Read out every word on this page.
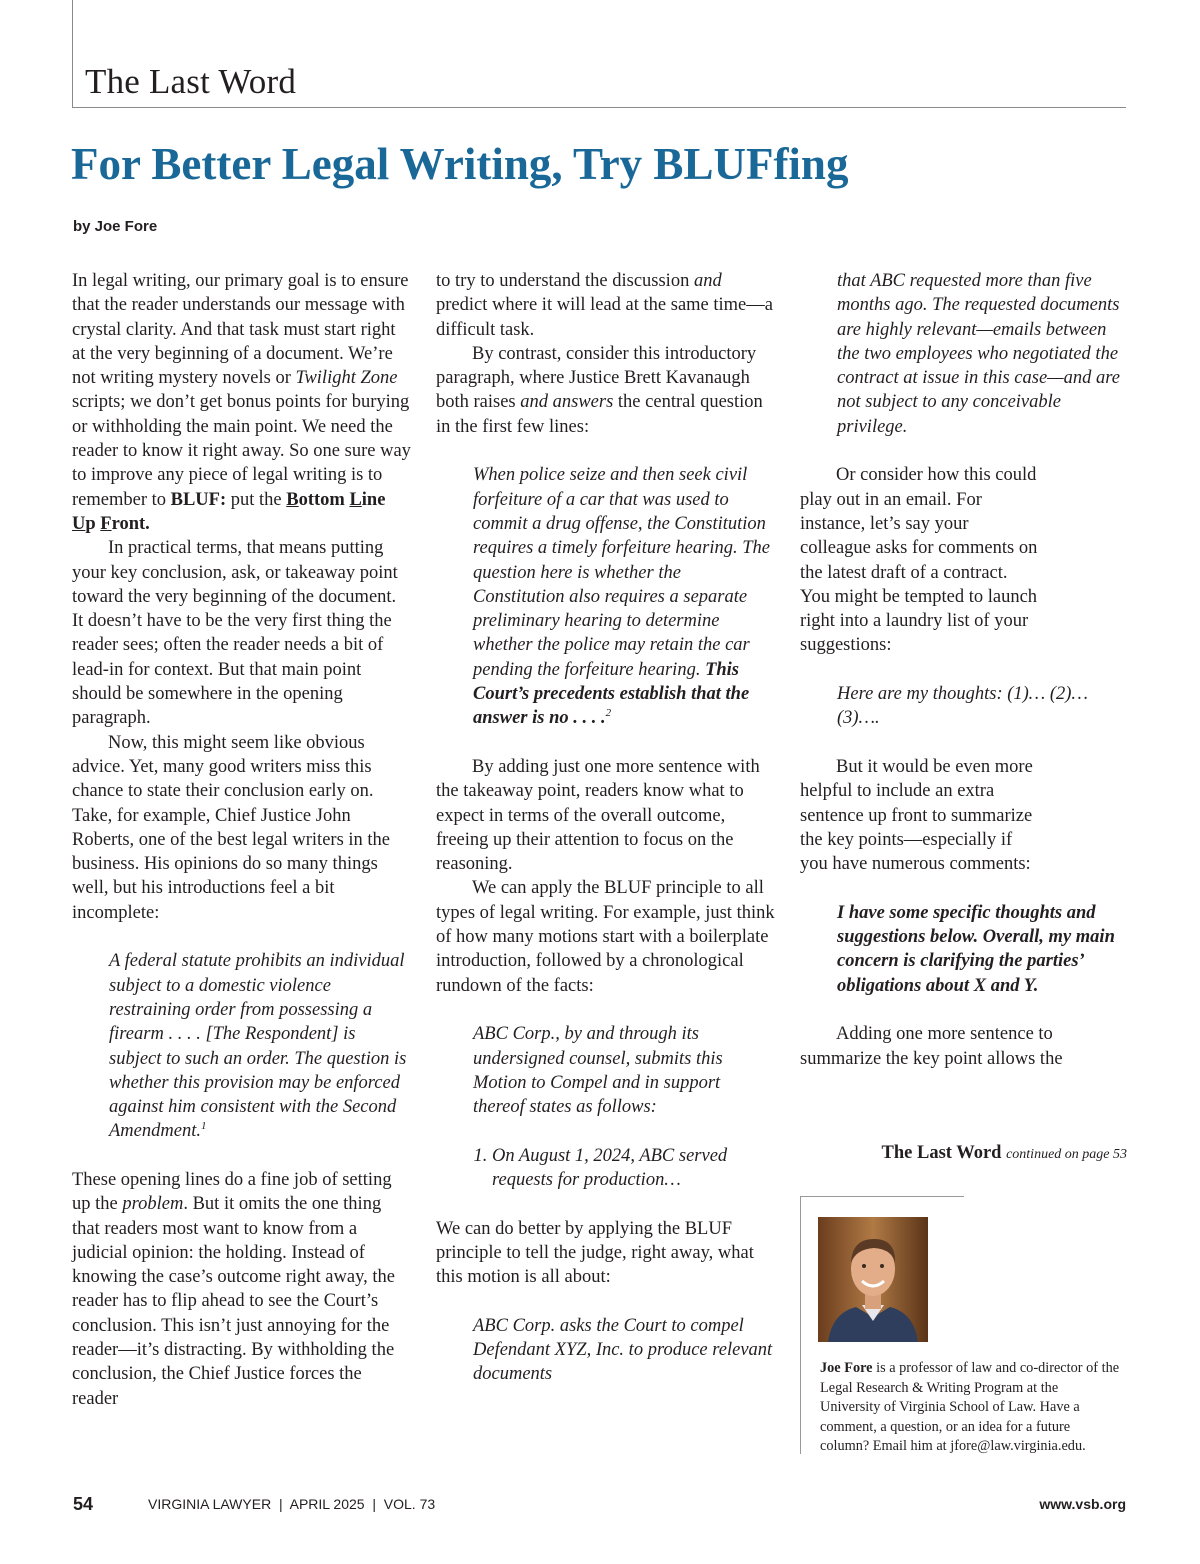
The Last Word
For Better Legal Writing, Try BLUFfing
by Joe Fore

In legal writing, our primary goal is to ensure that the reader understands our message with crystal clarity. And that task must start right at the very beginning of a document. We’re not writing mystery novels or Twilight Zone scripts; we don’t get bonus points for burying or withholding the main point. We need the reader to know it right away. So one sure way to improve any piece of legal writing is to remember to BLUF: put the Bottom Line Up Front.

In practical terms, that means putting your key conclusion, ask, or takeaway point toward the very beginning of the document. It doesn’t have to be the very first thing the reader sees; often the reader needs a bit of lead-in for context. But that main point should be somewhere in the opening paragraph.

Now, this might seem like obvious advice. Yet, many good writers miss this chance to state their conclusion early on. Take, for example, Chief Justice John Roberts, one of the best legal writers in the business. His opinions do so many things well, but his introductions feel a bit incomplete:

A federal statute prohibits an individual subject to a domestic violence restraining order from possessing a firearm . . . . [The Respondent] is subject to such an order. The question is whether this provision may be enforced against him consistent with the Second Amendment.$^1$

These opening lines do a fine job of setting up the problem. But it omits the one thing that readers most want to know from a judicial opinion: the holding. Instead of knowing the case’s outcome right away, the reader has to flip ahead to see the Court’s conclusion. This isn’t just annoying for the reader—it’s distracting. By withholding the conclusion, the Chief Justice forces the reader

to try to understand the discussion and predict where it will lead at the same time—a difficult task.

By contrast, consider this introductory paragraph, where Justice Brett Kavanaugh both raises and answers the central question in the first few lines:

When police seize and then seek civil forfeiture of a car that was used to commit a drug offense, the Constitution requires a timely forfeiture hearing. The question here is whether the Constitution also requires a separate preliminary hearing to determine whether the police may retain the car pending the forfeiture hearing. This Court’s precedents establish that the answer is no . . . .$^2$

By adding just one more sentence with the takeaway point, readers know what to expect in terms of the overall outcome, freeing up their attention to focus on the reasoning.

We can apply the BLUF principle to all types of legal writing. For example, just think of how many motions start with a boilerplate introduction, followed by a chronological rundown of the facts:

ABC Corp., by and through its undersigned counsel, submits this Motion to Compel and in support thereof states as follows:

1. On August 1, 2024, ABC served requests for production…

We can do better by applying the BLUF principle to tell the judge, right away, what this motion is all about:

ABC Corp. asks the Court to compel Defendant XYZ, Inc. to produce relevant documents

that ABC requested more than five months ago. The requested documents are highly relevant—emails between the two employees who negotiated the contract at issue in this case—and are not subject to any conceivable privilege.

Or consider how this could play out in an email. For instance, let’s say your colleague asks for comments on the latest draft of a contract. You might be tempted to launch right into a laundry list of your suggestions:

Here are my thoughts: (1)… (2)… (3)….

But it would be even more helpful to include an extra sentence up front to summarize the key points—especially if you have numerous comments:

I have some specific thoughts and suggestions below. Overall, my main concern is clarifying the parties’ obligations about X and Y.

Adding one more sentence to summarize the key point allows the

The Last Word continued on page 53

Joe Fore is a professor of law and co-director of the Legal Research & Writing Program at the University of Virginia School of Law. Have a comment, a question, or an idea for a future column? Email him at jfore@law.virginia.edu.

54	VIRGINIA LAWYER  |  APRIL 2025  |  VOL. 73	www.vsb.org
